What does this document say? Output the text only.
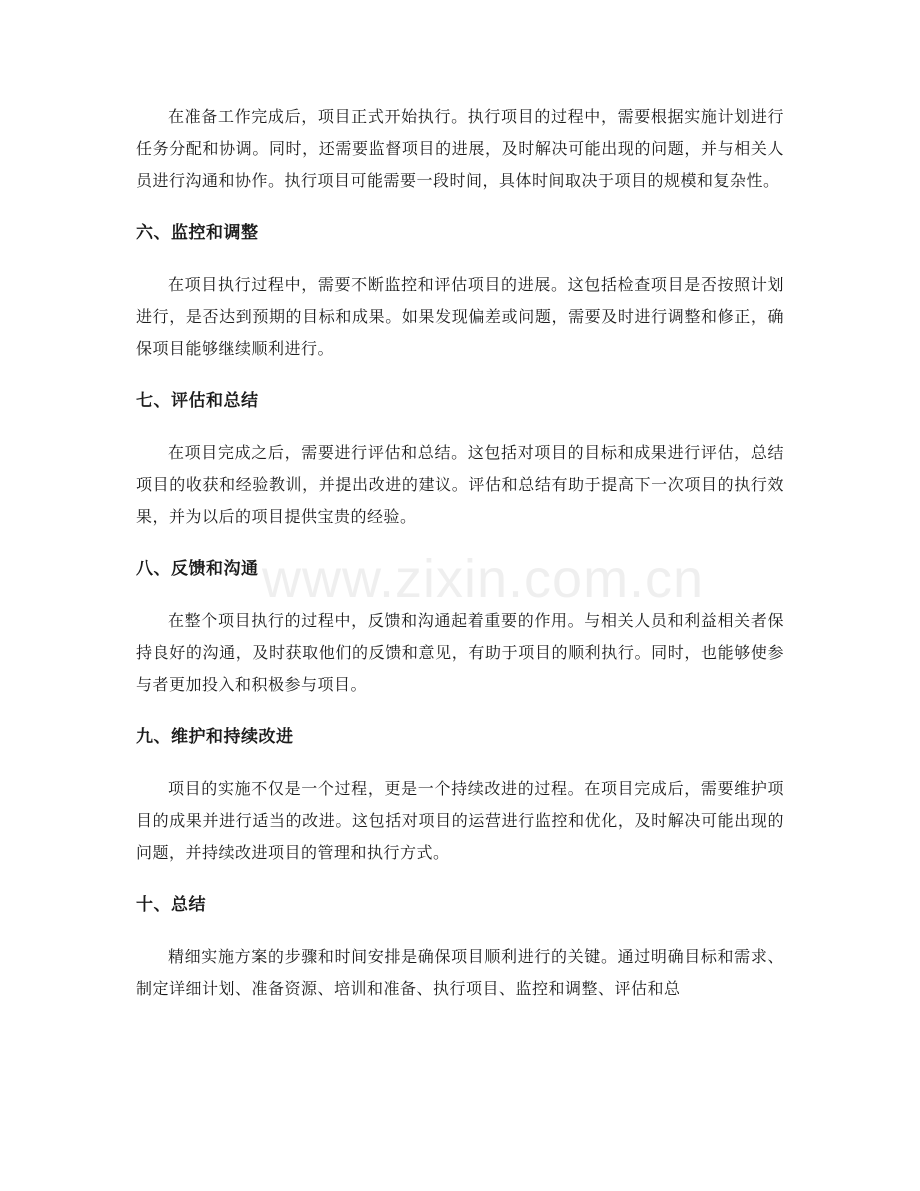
在准备工作完成后，项目正式开始执行。执行项目的过程中，需要根据实施计划进行任务分配和协调。同时，还需要监督项目的进展，及时解决可能出现的问题，并与相关人员进行沟通和协作。执行项目可能需要一段时间，具体时间取决于项目的规模和复杂性。

六、监控和调整

在项目执行过程中，需要不断监控和评估项目的进展。这包括检查项目是否按照计划进行，是否达到预期的目标和成果。如果发现偏差或问题，需要及时进行调整和修正，确保项目能够继续顺利进行。

七、评估和总结

在项目完成之后，需要进行评估和总结。这包括对项目的目标和成果进行评估，总结项目的收获和经验教训，并提出改进的建议。评估和总结有助于提高下一次项目的执行效果，并为以后的项目提供宝贵的经验。

八、反馈和沟通

在整个项目执行的过程中，反馈和沟通起着重要的作用。与相关人员和利益相关者保持良好的沟通，及时获取他们的反馈和意见，有助于项目的顺利执行。同时，也能够使参与者更加投入和积极参与项目。

九、维护和持续改进

项目的实施不仅是一个过程，更是一个持续改进的过程。在项目完成后，需要维护项目的成果并进行适当的改进。这包括对项目的运营进行监控和优化，及时解决可能出现的问题，并持续改进项目的管理和执行方式。

十、总结

精细实施方案的步骤和时间安排是确保项目顺利进行的关键。通过明确目标和需求、制定详细计划、准备资源、培训和准备、执行项目、监控和调整、评估和总

www.zixin.com.cn
